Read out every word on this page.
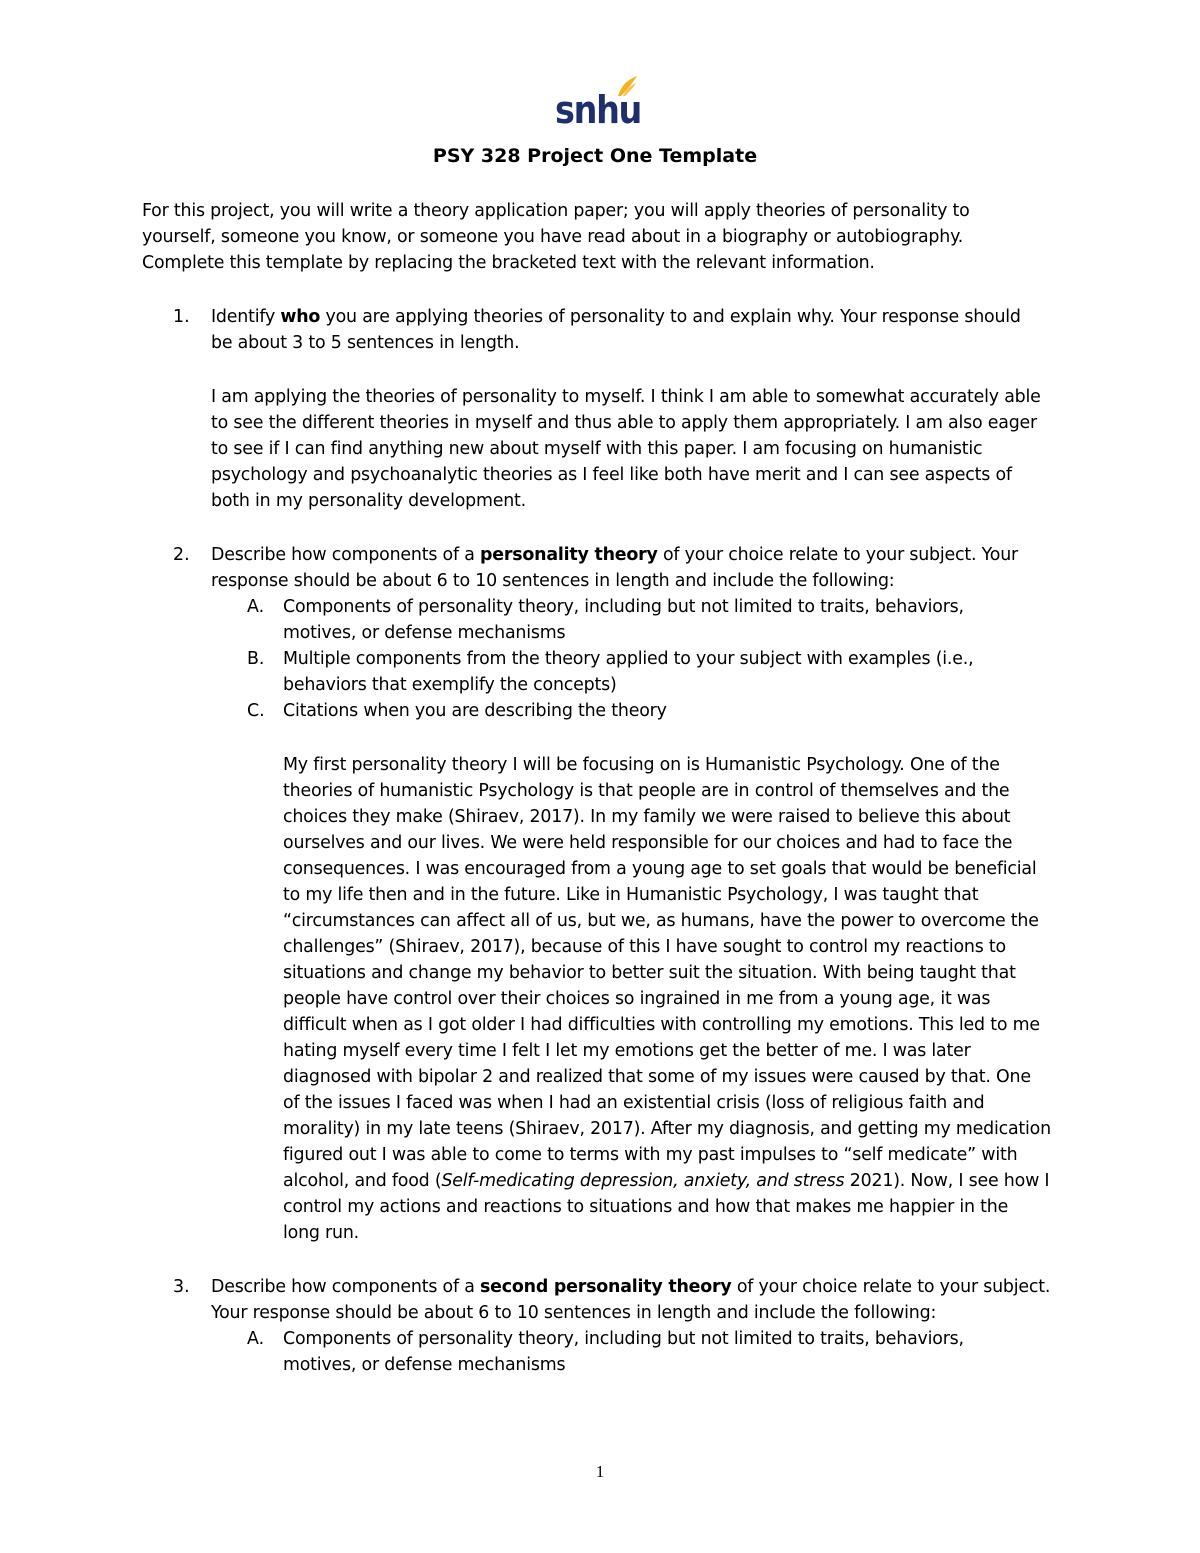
snhu
PSY 328 Project One Template
For this project, you will write a theory application paper; you will apply theories of personality to
yourself, someone you know, or someone you have read about in a biography or autobiography.
Complete this template by replacing the bracketed text with the relevant information.
1. Identify who you are applying theories of personality to and explain why. Your response should
be about 3 to 5 sentences in length.
I am applying the theories of personality to myself. I think I am able to somewhat accurately able
to see the different theories in myself and thus able to apply them appropriately. I am also eager
to see if I can find anything new about myself with this paper. I am focusing on humanistic
psychology and psychoanalytic theories as I feel like both have merit and I can see aspects of
both in my personality development.
2. Describe how components of a personality theory of your choice relate to your subject. Your
response should be about 6 to 10 sentences in length and include the following:
A. Components of personality theory, including but not limited to traits, behaviors,
motives, or defense mechanisms
B. Multiple components from the theory applied to your subject with examples (i.e.,
behaviors that exemplify the concepts)
C. Citations when you are describing the theory
My first personality theory I will be focusing on is Humanistic Psychology. One of the
theories of humanistic Psychology is that people are in control of themselves and the
choices they make (Shiraev, 2017). In my family we were raised to believe this about
ourselves and our lives. We were held responsible for our choices and had to face the
consequences. I was encouraged from a young age to set goals that would be beneficial
to my life then and in the future. Like in Humanistic Psychology, I was taught that
“circumstances can affect all of us, but we, as humans, have the power to overcome the
challenges” (Shiraev, 2017), because of this I have sought to control my reactions to
situations and change my behavior to better suit the situation. With being taught that
people have control over their choices so ingrained in me from a young age, it was
difficult when as I got older I had difficulties with controlling my emotions. This led to me
hating myself every time I felt I let my emotions get the better of me. I was later
diagnosed with bipolar 2 and realized that some of my issues were caused by that. One
of the issues I faced was when I had an existential crisis (loss of religious faith and
morality) in my late teens (Shiraev, 2017). After my diagnosis, and getting my medication
figured out I was able to come to terms with my past impulses to “self medicate” with
alcohol, and food (Self-medicating depression, anxiety, and stress 2021). Now, I see how I
control my actions and reactions to situations and how that makes me happier in the
long run.
3. Describe how components of a second personality theory of your choice relate to your subject.
Your response should be about 6 to 10 sentences in length and include the following:
A. Components of personality theory, including but not limited to traits, behaviors,
motives, or defense mechanisms
1
